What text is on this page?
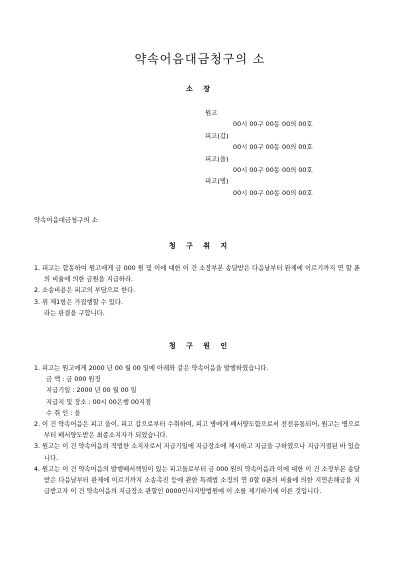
약속어음대금청구의 소
소 장
원고
00시 00구 00동 00의 00호
피고(갑)
00시 00구 00동 00의 00호
피고(을)
00시 00구 00동 00의 00호
피고(병)
00시 00구 00동 00의 00호
약속어음대금청구의 소
청 구 취 지
1. 피고는 합동하여 원고에게 금 000 원 및 이에 대한 이 건 소장부본 송달받은 다음날부터 완제에 이르기까지 연 할 푼의 비율에 의한 금원을 지급하라.
2. 소송비용은 피고의 부담으로 한다.
3. 위 제1항은 가집행할 수 있다.
라는 판결을 구합니다.
청 구 원 인
1. 피고는 원고에게 2000 년 00 월 00 일에 아래와 같은 약속어음을 발행하였습니다.
금 액 : 금 000 원정
지급기일 : 2000 년 00 월 00 일
지급지 및 장소 : 00시 00은행 00지점
수 취 인 : 을
2. 이 건 약속어음은 피고 을이, 피고 갑으로부터 수취하여, 피고 병에게 배서양도함으로서 전전유통되어, 원고는 병으로부터 배서양도받은 최종소지자가 되었습니다.
3. 원고는 이 건 약속어음의 적법한 소지자로서 지급기일에 지급장소에 제시하고 지급을 구하였으나 지급거절된 바 있습니다.
4. 원고는 이 건 약속어음의 발행배서책임이 있는 피고들로부터 금 000 원의 약속어음과 이에 대한 이 건 소장부본 송달받은 다음날부터 완제에 이르기까지 소송촉진 등에 관한 특례법 소정의 연 0할 0푼의 비율에 의한 지연손해금을 지급받고자 이 건 약속어음의 지급장소 관할인 0000민사지방법원에 이 소를 제기하기에 이른 것입니다.
